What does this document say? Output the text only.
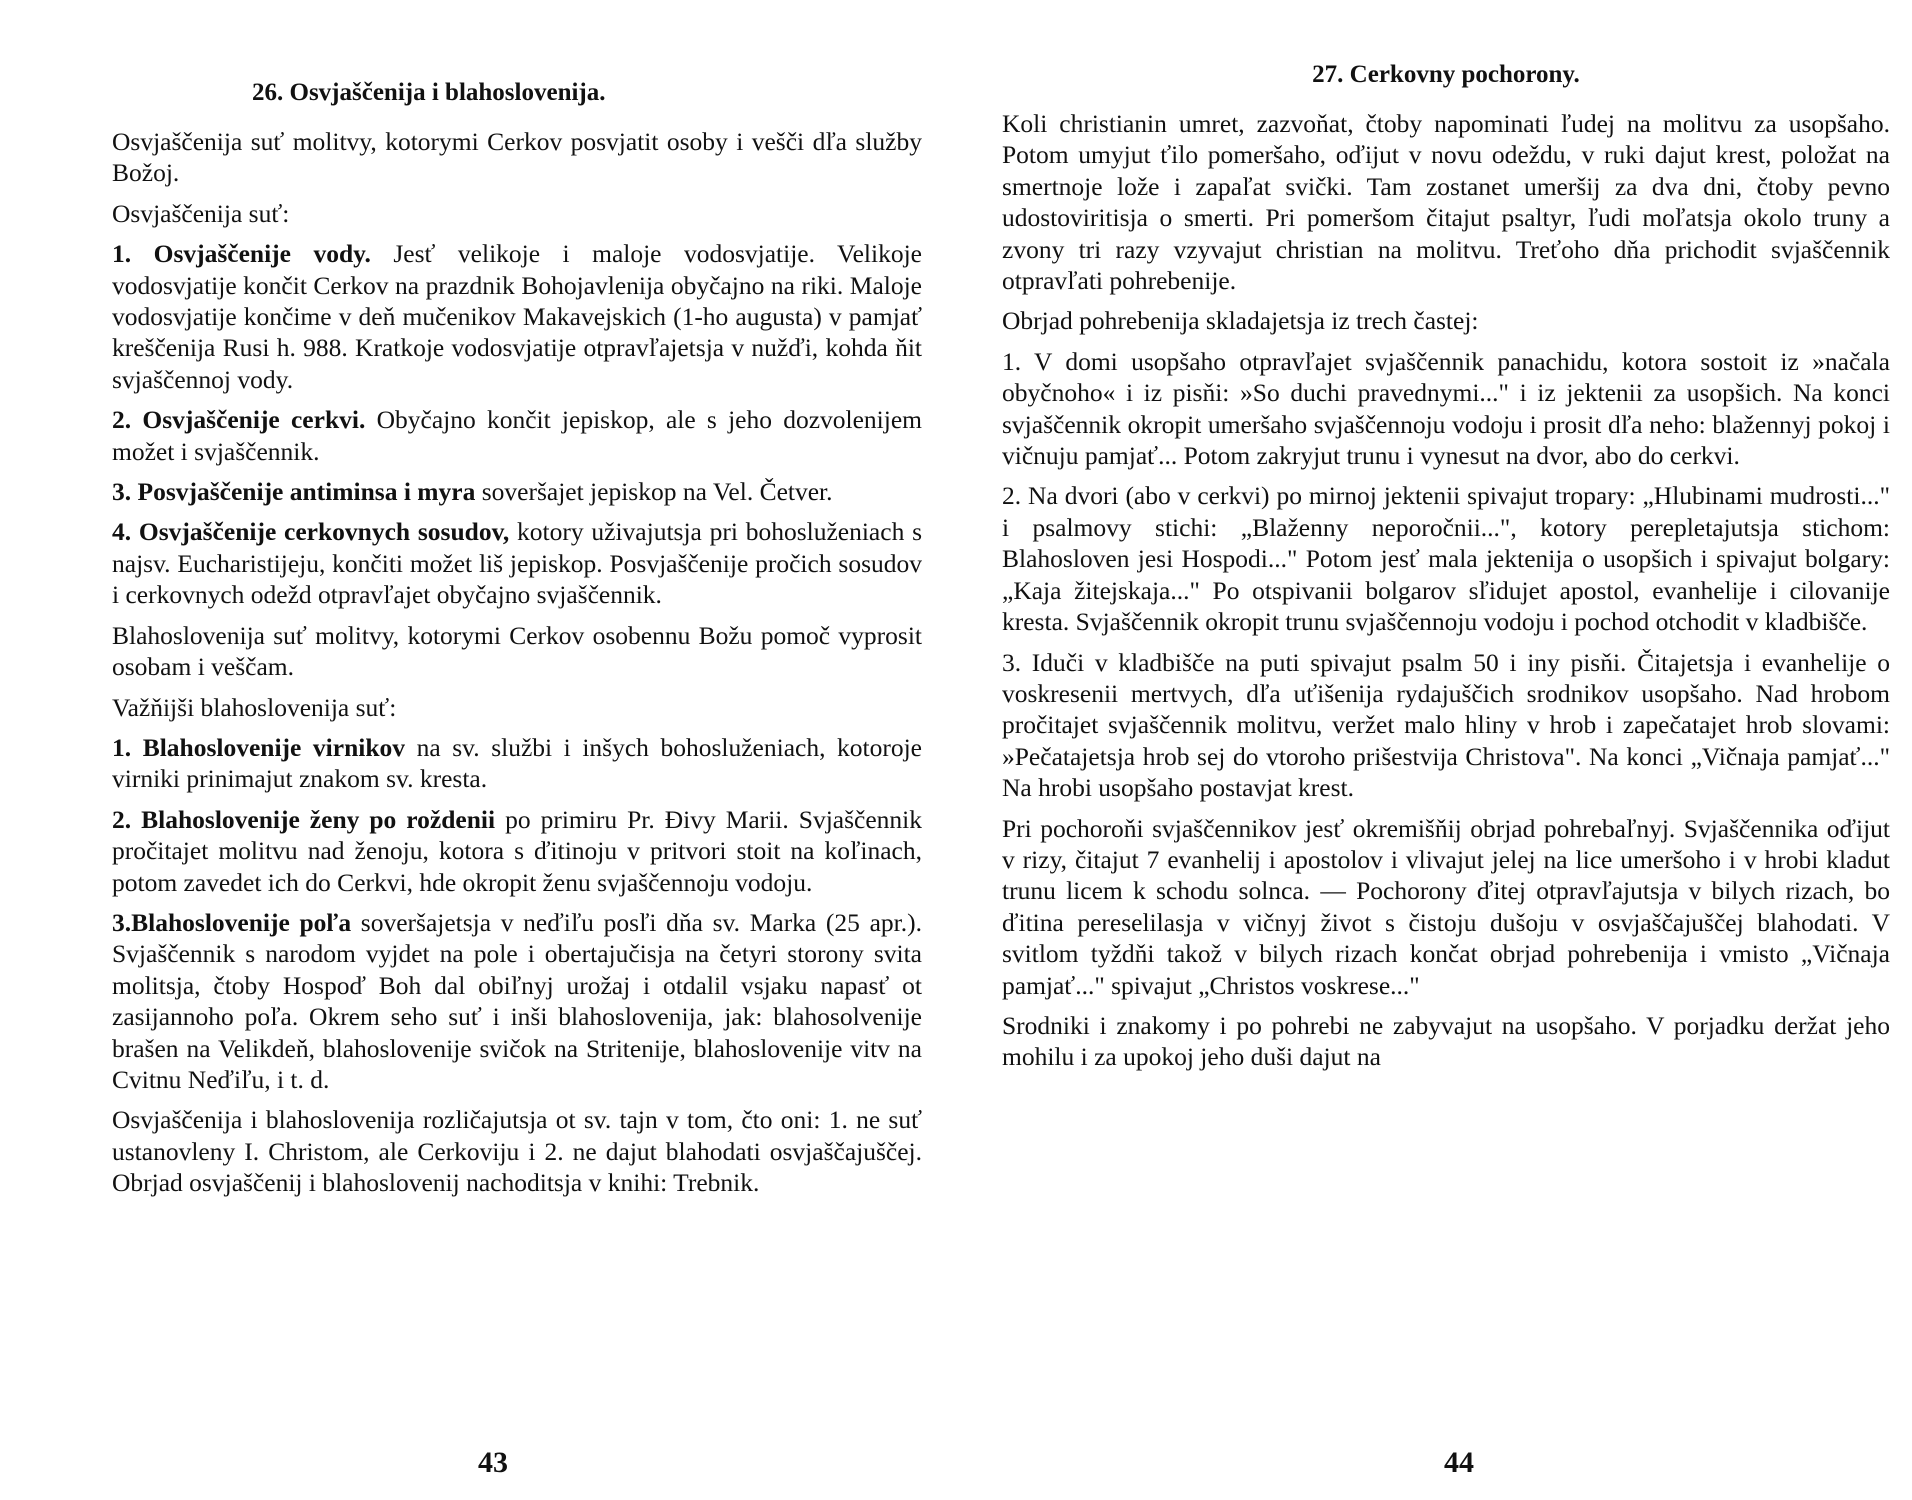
26. Osvjaščenija i blahoslovenija.

Osvjaščenija suť molitvy, kotorymi Cerkov posvjatit osoby i vešči dľa služby Božoj.

Osvjaščenija suť:

1. Osvjaščenije vody. Jesť velikoje i maloje vodosvjatije. Velikoje vodosvjatije končit Cerkov na prazdnik Bohojavlenija obyčajno na riki. Maloje vodosvjatije končime v deň mučenikov Makavejskich (1-ho augusta) v pamjať kreščenija Rusi h. 988. Kratkoje vodosvjatije otpravľajetsja v nužďi, kohda ňit svjaščennoj vody.

2. Osvjaščenije cerkvi. Obyčajno končit jepiskop, ale s jeho dozvolenijem možet i svjaščennik.

3. Posvjaščenije antiminsa i myra soveršajet jepiskop na Vel. Četver.

4. Osvjaščenije cerkovnych sosudov, kotory uživajutsja pri bohosluženiach s najsv. Eucharistijeju, končiti možet liš jepiskop. Posvjaščenije pročich sosudov i cerkovnych odežd otpravľajet obyčajno svjaščennik.

Blahoslovenija suť molitvy, kotorymi Cerkov osobennu Božu pomoč vyprosit osobam i veščam.

Važňijši blahoslovenija suť:

1. Blahoslovenije virnikov na sv. službi i inšych bohosluženiach, kotoroje virniki prinimajut znakom sv. kresta.

2. Blahoslovenije ženy po roždenii po primiru Pr. Đivy Marii. Svjaščennik pročitajet molitvu nad ženoju, kotora s ďitinoju v pritvori stoit na koľinach, potom zavedet ich do Cerkvi, hde okropit ženu svjaščennoju vodoju.

3.Blahoslovenije poľa soveršajetsja v neďiľu posľi dňa sv. Marka (25 apr.). Svjaščennik s narodom vyjdet na pole i obertajučisja na četyri storony svita molitsja, čtoby Hospoď Boh dal obiľnyj urožaj i otdalil vsjaku napasť ot zasijannoho poľa. Okrem seho suť i inši blahoslovenija, jak: blahosolvenije brašen na Velikdeň, blahoslovenije svičok na Stritenije, blahoslovenije vitv na Cvitnu Neďiľu, i t. d.

Osvjaščenija i blahoslovenija rozličajutsja ot sv. tajn v tom, čto oni: 1. ne suť ustanovleny I. Christom, ale Cerkoviju i 2. ne dajut blahodati osvjaščajuščej. Obrjad osvjaščenij i blahoslovenij nachoditsja v knihi: Trebnik.

43
27. Cerkovny pochorony.

Koli christianin umret, zazvoňat, čtoby napominati ľudej na molitvu za usopšaho. Potom umyjut ťilo pomeršaho, oďijut v novu odeždu, v ruki dajut krest, položat na smertnoje lože i zapaľat svički. Tam zostanet umeršij za dva dni, čtoby pevno udostoviritisja o smerti. Pri pomeršom čitajut psaltyr, ľudi moľatsja okolo truny a zvony tri razy vzyvajut christian na molitvu. Treťoho dňa prichodit svjaščennik otpravľati pohrebenije.

Obrjad pohrebenija skladajetsja iz trech častej:

1. V domi usopšaho otpravľajet svjaščennik panachidu, kotora sostoit iz »načala obyčnoho« i iz pisňi: »So duchi pravednymi..." i iz jektenii za usopšich. Na konci svjaščennik okropit umeršaho svjaščennoju vodoju i prosit dľa neho: blažennyj pokoj i vičnuju pamjať... Potom zakryjut trunu i vynesut na dvor, abo do cerkvi.

2. Na dvori (abo v cerkvi) po mirnoj jektenii spivajut tropary: „Hlubinami mudrosti..." i psalmovy stichi: „Blaženny neporočnii...", kotory perepletajutsja stichom: Blahosloven jesi Hospodi..." Potom jesť mala jektenija o usopšich i spivajut bolgary: „Kaja žitejskaja..." Po otspivanii bolgarov sľidujet apostol, evanhelije i cilovanije kresta. Svjaščennik okropit trunu svjaščennoju vodoju i pochod otchodit v kladbišče.

3. Iduči v kladbišče na puti spivajut psalm 50 i iny pisňi. Čitajetsja i evanhelije o voskresenii mertvych, dľa uťišenija rydajuščich srodnikov usopšaho. Nad hrobom pročitajet svjaščennik molitvu, veržet malo hliny v hrob i zapečatajet hrob slovami: »Pečatajetsja hrob sej do vtoroho prišestvija Christova". Na konci „Vičnaja pamjať..." Na hrobi usopšaho postavjat krest.

Pri pochoroňi svjaščennikov jesť okremišňij obrjad pohrebaľnyj. Svjaščennika oďijut v rizy, čitajut 7 evanhelij i apostolov i vlivajut jelej na lice umeršoho i v hrobi kladut trunu licem k schodu solnca. — Pochorony ďitej otpravľajutsja v bilych rizach, bo ďitina pereselilasja v vičnyj život s čistoju dušoju v osvjaščajuščej blahodati. V svitlom tyždňi takož v bilych rizach končat obrjad pohrebenija i vmisto „Vičnaja pamjať..." spivajut „Christos voskrese..."

Srodniki i znakomy i po pohrebi ne zabyvajut na usopšaho. V porjadku deržat jeho mohilu i za upokoj jeho duši dajut na

44
